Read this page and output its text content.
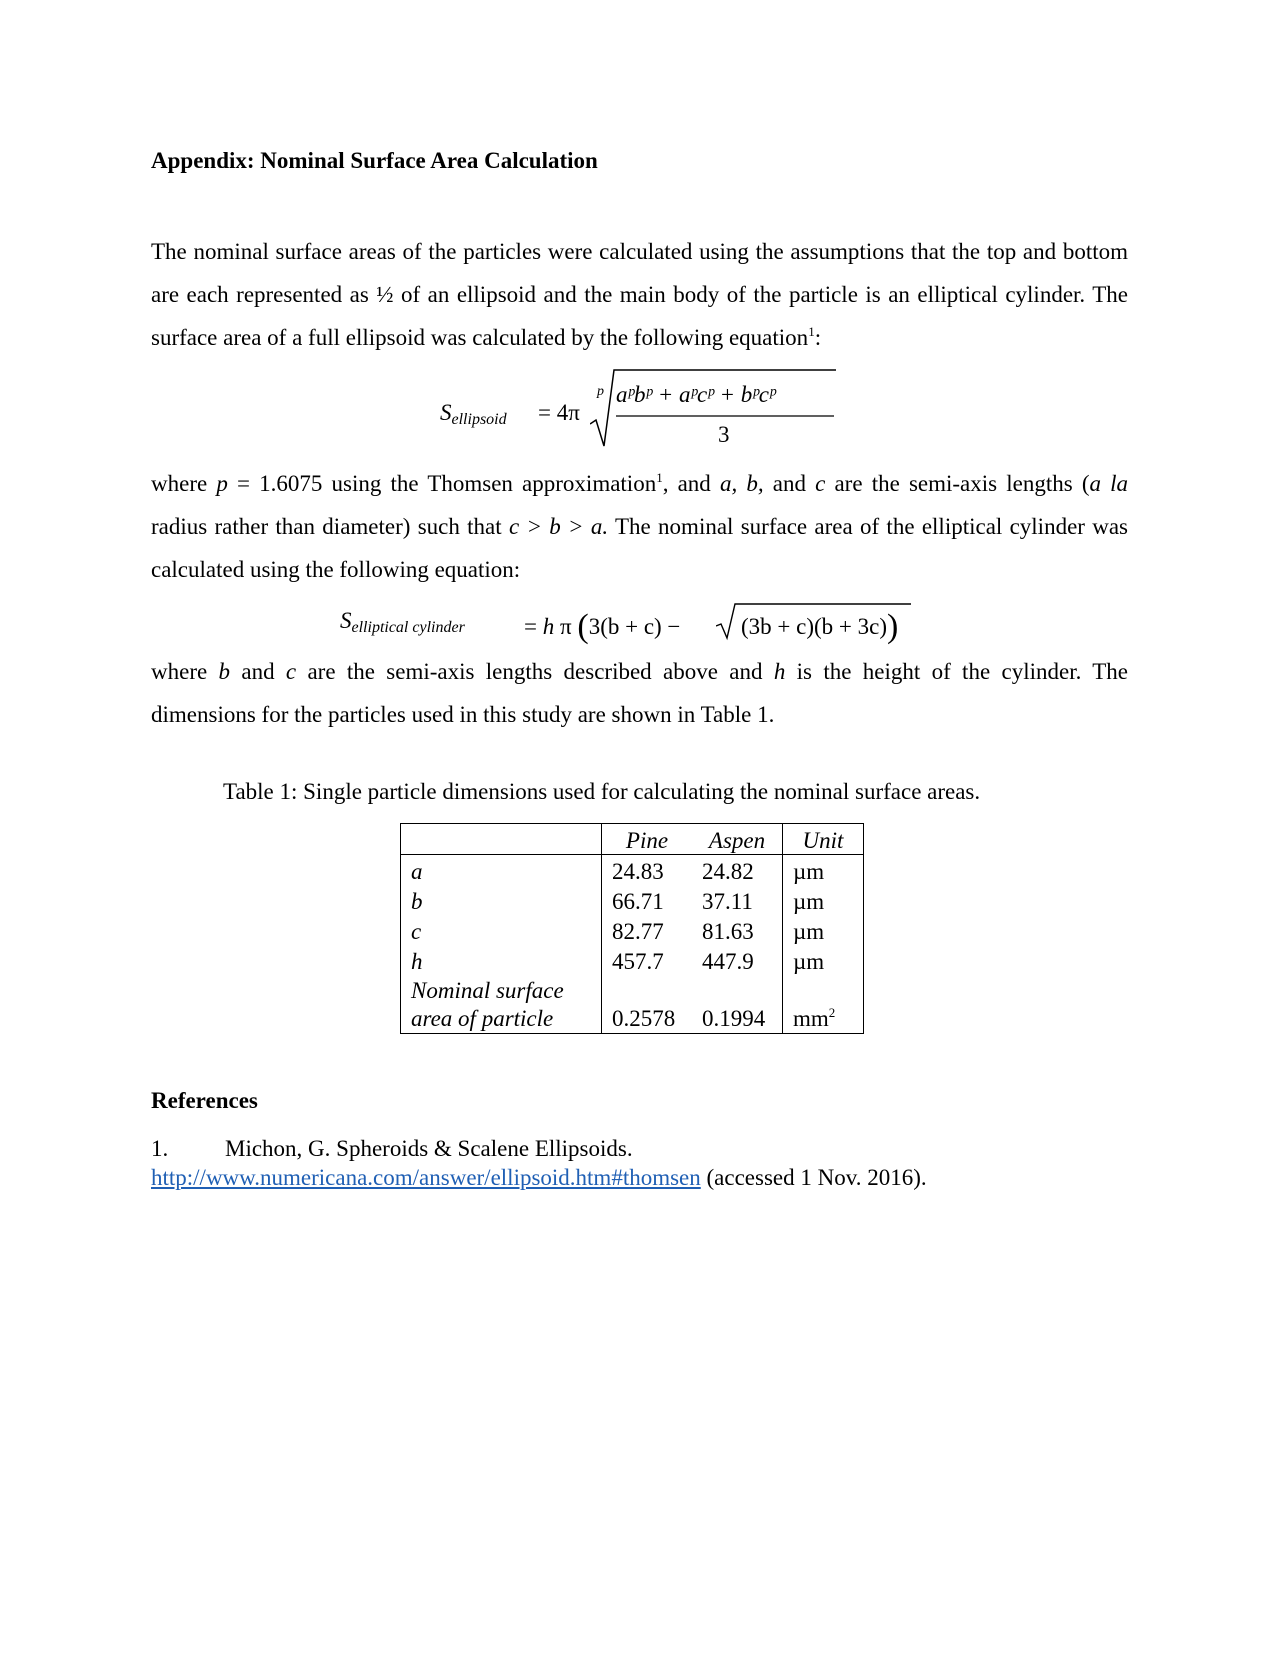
Appendix: Nominal Surface Area Calculation

The nominal surface areas of the particles were calculated using the assumptions that the top and bottom are each represented as ½ of an ellipsoid and the main body of the particle is an elliptical cylinder. The surface area of a full ellipsoid was calculated by the following equation$^1$:

$S_{ellipsoid} = 4\pi$
p aᵖbᵖ + aᵖcᵖ + bᵖcᵖ
3

where p = 1.6075 using the Thomsen approximation$^1$, and a, b, and c are the semi-axis lengths (a la radius rather than diameter) such that c > b > a. The nominal surface area of the elliptical cylinder was calculated using the following equation:

$S_{elliptical cylinder}$	= h π (3(b + c) −	(3b + c)(b + 3c))

where b and c are the semi-axis lengths described above and h is the height of the cylinder. The dimensions for the particles used in this study are shown in Table 1.

Table 1: Single particle dimensions used for calculating the nominal surface areas.

	Pine	Aspen	Unit
a	24.83	24.82	µm
b	66.71	37.11	µm
c	82.77	81.63	µm
h	457.7	447.9	µm
Nominal surface
area of particle	0.2578	0.1994	$mm^2$
References

1. Michon, G. Spheroids & Scalene Ellipsoids.
http://www.numericana.com/answer/ellipsoid.htm#thomsen (accessed 1 Nov. 2016).
